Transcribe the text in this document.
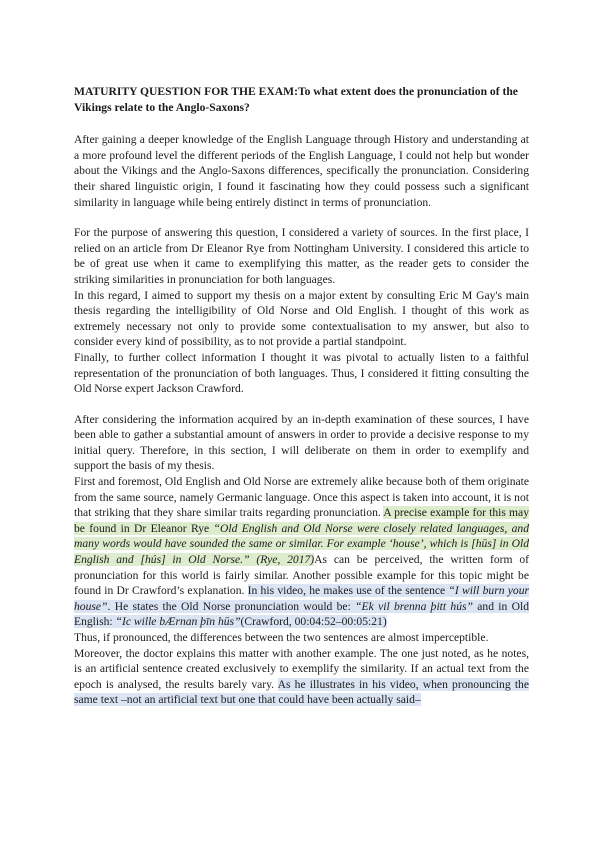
MATURITY QUESTION FOR THE EXAM:To what extent does the pronunciation of the Vikings relate to the Anglo-Saxons?

After gaining a deeper knowledge of the English Language through History and understanding at a more profound level the different periods of the English Language, I could not help but wonder about the Vikings and the Anglo-Saxons differences, specifically the pronunciation. Considering their shared linguistic origin, I found it fascinating how they could possess such a significant similarity in language while being entirely distinct in terms of pronunciation.

For the purpose of answering this question, I considered a variety of sources. In the first place, I relied on an article from Dr Eleanor Rye from Nottingham University. I considered this article to be of great use when it came to exemplifying this matter, as the reader gets to consider the striking similarities in pronunciation for both languages.

In this regard, I aimed to support my thesis on a major extent by consulting Eric M Gay's main thesis regarding the intelligibility of Old Norse and Old English. I thought of this work as extremely necessary not only to provide some contextualisation to my answer, but also to consider every kind of possibility, as to not provide a partial standpoint.

Finally, to further collect information I thought it was pivotal to actually listen to a faithful representation of the pronunciation of both languages. Thus, I considered it fitting consulting the Old Norse expert Jackson Crawford.

After considering the information acquired by an in-depth examination of these sources, I have been able to gather a substantial amount of answers in order to provide a decisive response to my initial query. Therefore, in this section, I will deliberate on them in order to exemplify and support the basis of my thesis.

First and foremost, Old English and Old Norse are extremely alike because both of them originate from the same source, namely Germanic language. Once this aspect is taken into account, it is not that striking that they share similar traits regarding pronunciation. A precise example for this may be found in Dr Eleanor Rye “Old English and Old Norse were closely related languages, and many words would have sounded the same or similar. For example ‘house’, which is [hūs] in Old English and [hús] in Old Norse.” (Rye, 2017)As can be perceived, the written form of pronunciation for this world is fairly similar. Another possible example for this topic might be found in Dr Crawford’s explanation. In his video, he makes use of the sentence “I will burn your house”. He states the Old Norse pronunciation would be: “Ek vil brenna þitt hús” and in Old English: “Ic wille bÆrnan þīn hūs”(Crawford, 00:04:52–00:05:21)

Thus, if pronounced, the differences between the two sentences are almost imperceptible.

Moreover, the doctor explains this matter with another example. The one just noted, as he notes, is an artificial sentence created exclusively to exemplify the similarity. If an actual text from the epoch is analysed, the results barely vary. As he illustrates in his video, when pronouncing the same text –not an artificial text but one that could have been actually said–
